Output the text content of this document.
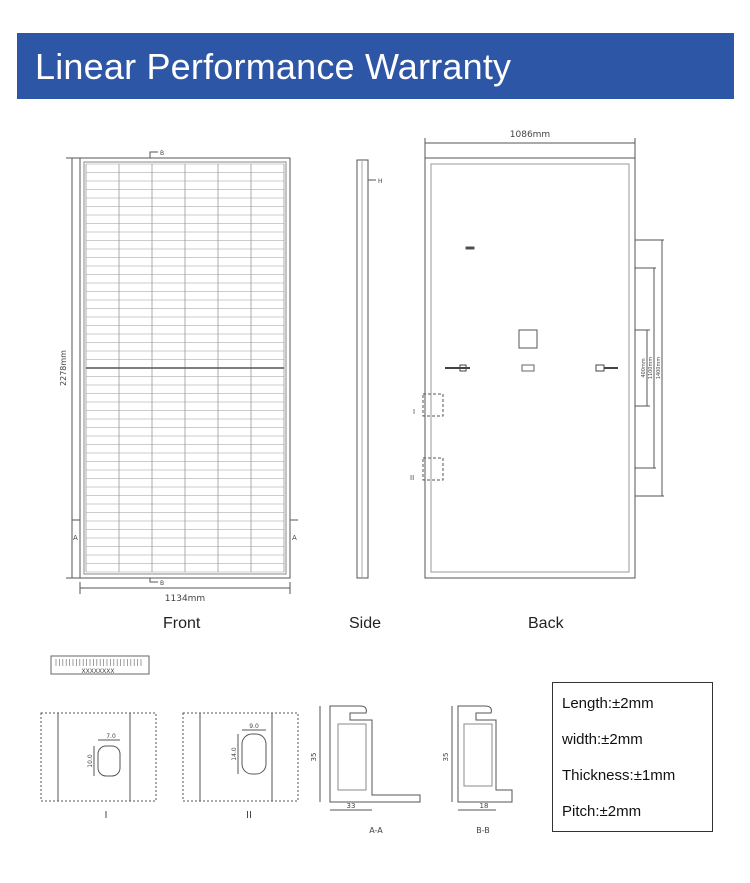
Linear Performance Warranty
2278mm
1134mm
B
B
A	A
H
1086mm
400mm 1100mm 1400mm
I
II
XXXXXXXX
7.0
10.0
I
9.0
14.0
II
35
33
A-A
35
18
B-B
Front	Side	Back
Length:±2mm
width:±2mm
Thickness:±1mm
Pitch:±2mm
